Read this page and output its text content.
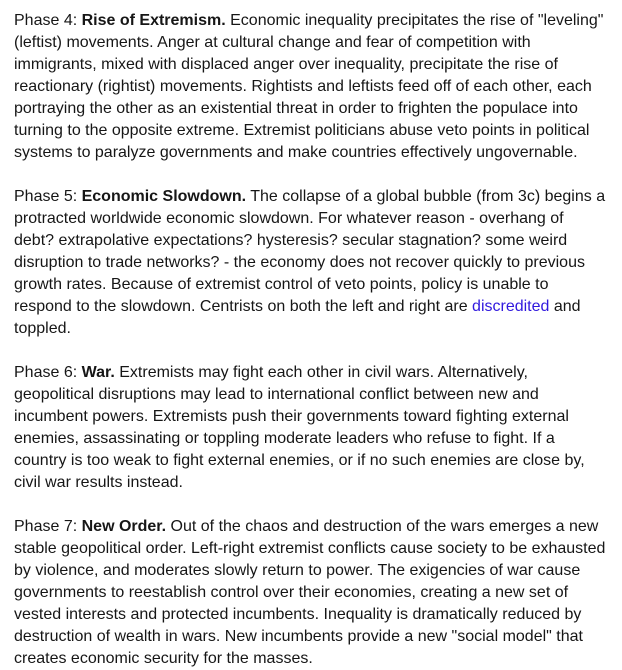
Phase 4: Rise of Extremism. Economic inequality precipitates the rise of "leveling" (leftist) movements. Anger at cultural change and fear of competition with immigrants, mixed with displaced anger over inequality, precipitate the rise of reactionary (rightist) movements. Rightists and leftists feed off of each other, each portraying the other as an existential threat in order to frighten the populace into turning to the opposite extreme. Extremist politicians abuse veto points in political systems to paralyze governments and make countries effectively ungovernable.

Phase 5: Economic Slowdown. The collapse of a global bubble (from 3c) begins a protracted worldwide economic slowdown. For whatever reason - overhang of debt? extrapolative expectations? hysteresis? secular stagnation? some weird disruption to trade networks? - the economy does not recover quickly to previous growth rates. Because of extremist control of veto points, policy is unable to respond to the slowdown. Centrists on both the left and right are discredited and toppled.

Phase 6: War. Extremists may fight each other in civil wars. Alternatively, geopolitical disruptions may lead to international conflict between new and incumbent powers. Extremists push their governments toward fighting external enemies, assassinating or toppling moderate leaders who refuse to fight. If a country is too weak to fight external enemies, or if no such enemies are close by, civil war results instead.

Phase 7: New Order. Out of the chaos and destruction of the wars emerges a new stable geopolitical order. Left-right extremist conflicts cause society to be exhausted by violence, and moderates slowly return to power. The exigencies of war cause governments to reestablish control over their economies, creating a new set of vested interests and protected incumbents. Inequality is dramatically reduced by destruction of wealth in wars. New incumbents provide a new "social model" that creates economic security for the masses.
